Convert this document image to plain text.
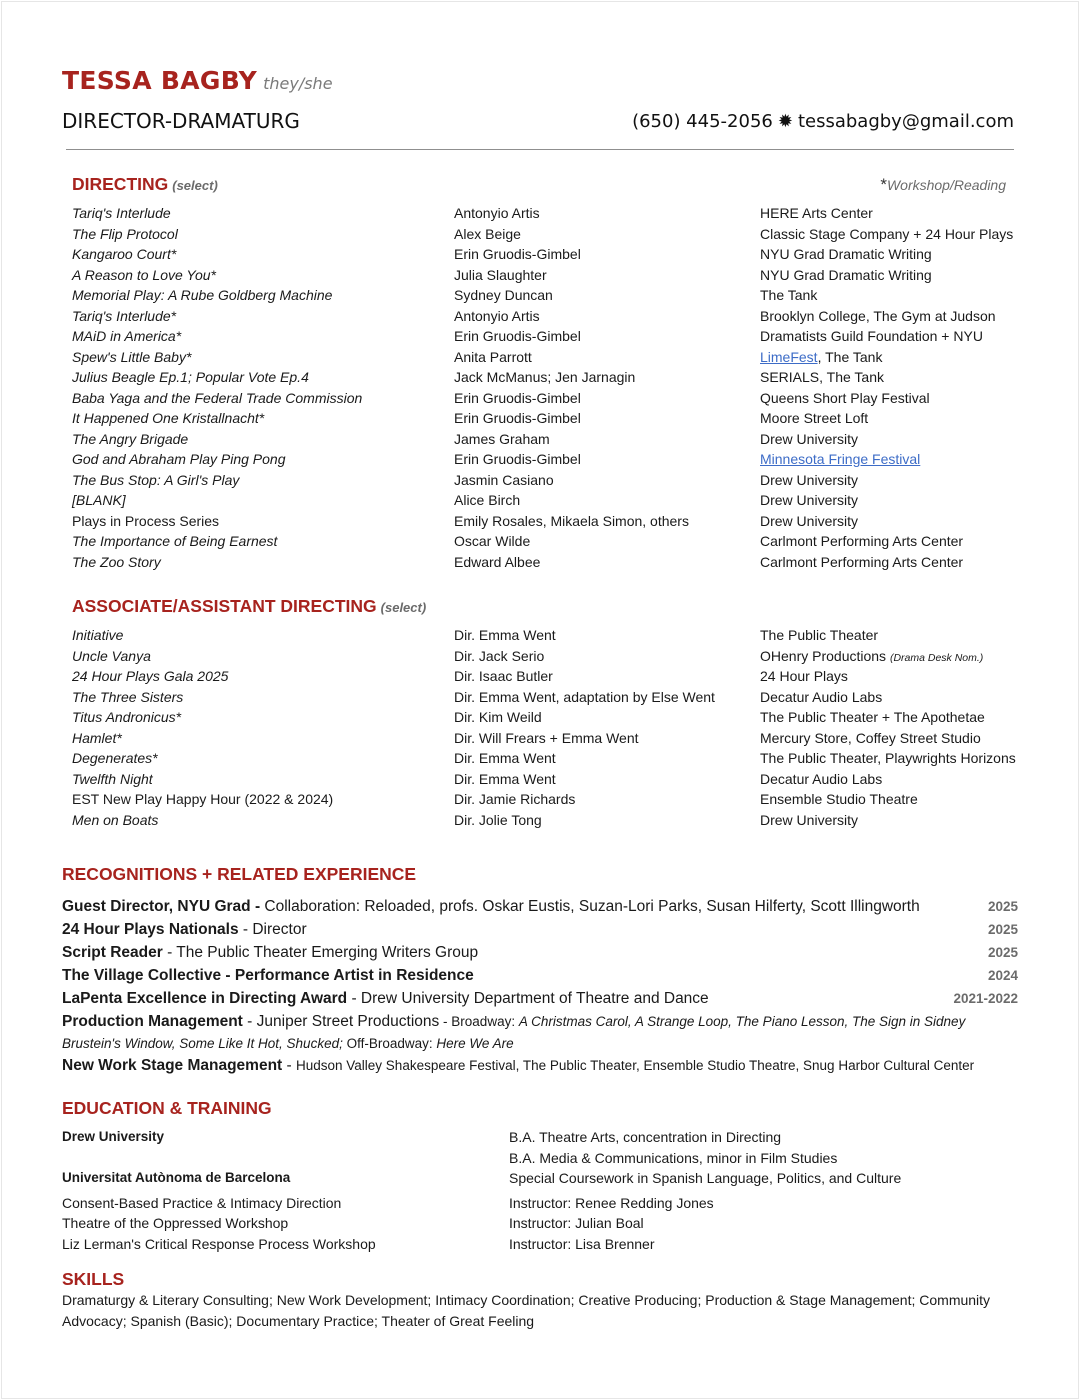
TESSA BAGBY they/she
DIRECTOR-DRAMATURG	(650) 445-2056 ✹ tessabagby@gmail.com
DIRECTING (select)	*Workshop/Reading
Tariq's Interlude	Antonyio Artis	HERE Arts Center
The Flip Protocol	Alex Beige	Classic Stage Company + 24 Hour Plays
Kangaroo Court*	Erin Gruodis-Gimbel	NYU Grad Dramatic Writing
A Reason to Love You*	Julia Slaughter	NYU Grad Dramatic Writing
Memorial Play: A Rube Goldberg Machine	Sydney Duncan	The Tank
Tariq's Interlude*	Antonyio Artis	Brooklyn College, The Gym at Judson
MAiD in America*	Erin Gruodis-Gimbel	Dramatists Guild Foundation + NYU
Spew's Little Baby*	Anita Parrott	LimeFest, The Tank
Julius Beagle Ep.1; Popular Vote Ep.4	Jack McManus; Jen Jarnagin	SERIALS, The Tank
Baba Yaga and the Federal Trade Commission	Erin Gruodis-Gimbel	Queens Short Play Festival
It Happened One Kristallnacht*	Erin Gruodis-Gimbel	Moore Street Loft
The Angry Brigade	James Graham	Drew University
God and Abraham Play Ping Pong	Erin Gruodis-Gimbel	Minnesota Fringe Festival
The Bus Stop: A Girl's Play	Jasmin Casiano	Drew University
[BLANK]	Alice Birch	Drew University
Plays in Process Series	Emily Rosales, Mikaela Simon, others	Drew University
The Importance of Being Earnest	Oscar Wilde	Carlmont Performing Arts Center
The Zoo Story	Edward Albee	Carlmont Performing Arts Center
ASSOCIATE/ASSISTANT DIRECTING (select)
Initiative	Dir. Emma Went	The Public Theater
Uncle Vanya	Dir. Jack Serio	OHenry Productions (Drama Desk Nom.)
24 Hour Plays Gala 2025	Dir. Isaac Butler	24 Hour Plays
The Three Sisters	Dir. Emma Went, adaptation by Else Went	Decatur Audio Labs
Titus Andronicus*	Dir. Kim Weild	The Public Theater + The Apothetae
Hamlet*	Dir. Will Frears + Emma Went	Mercury Store, Coffey Street Studio
Degenerates*	Dir. Emma Went	The Public Theater, Playwrights Horizons
Twelfth Night	Dir. Emma Went	Decatur Audio Labs
EST New Play Happy Hour (2022 & 2024)	Dir. Jamie Richards	Ensemble Studio Theatre
Men on Boats	Dir. Jolie Tong	Drew University
RECOGNITIONS + RELATED EXPERIENCE
Guest Director, NYU Grad - Collaboration: Reloaded, profs. Oskar Eustis, Suzan-Lori Parks, Susan Hilferty, Scott Illingworth	2025
24 Hour Plays Nationals - Director	2025
Script Reader - The Public Theater Emerging Writers Group	2025
The Village Collective - Performance Artist in Residence	2024
LaPenta Excellence in Directing Award - Drew University Department of Theatre and Dance	2021-2022
Production Management - Juniper Street Productions - Broadway: A Christmas Carol, A Strange Loop, The Piano Lesson, The Sign in Sidney
Brustein's Window, Some Like It Hot, Shucked; Off-Broadway: Here We Are
New Work Stage Management - Hudson Valley Shakespeare Festival, The Public Theater, Ensemble Studio Theatre, Snug Harbor Cultural Center
EDUCATION & TRAINING
Drew University	B.A. Theatre Arts, concentration in Directing
B.A. Media & Communications, minor in Film Studies
Universitat Autònoma de Barcelona	Special Coursework in Spanish Language, Politics, and Culture
Consent-Based Practice & Intimacy Direction	Instructor: Renee Redding Jones
Theatre of the Oppressed Workshop	Instructor: Julian Boal
Liz Lerman's Critical Response Process Workshop	Instructor: Lisa Brenner
SKILLS
Dramaturgy & Literary Consulting; New Work Development; Intimacy Coordination; Creative Producing; Production & Stage Management; Community Advocacy; Spanish (Basic); Documentary Practice; Theater of Great Feeling
